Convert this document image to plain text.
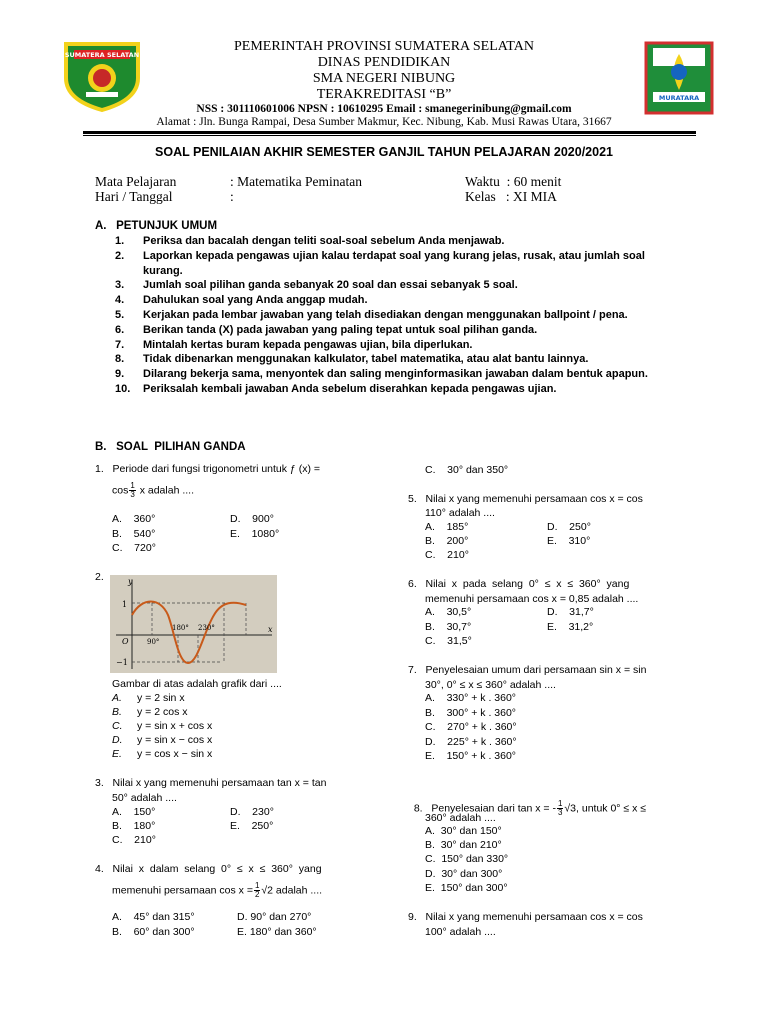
SUMATERA SELATAN
MURATARA
PEMERINTAH PROVINSI SUMATERA SELATAN
DINAS PENDIDIKAN
SMA NEGERI NIBUNG
TERAKREDITASI “B”
NSS : 301110601006 NPSN : 10610295 Email : smanegerinibung@gmail.com
Alamat : Jln. Bunga Rampai, Desa Sumber Makmur, Kec. Nibung, Kab. Musi Rawas Utara, 31667
SOAL PENILAIAN AKHIR SEMESTER GANJIL TAHUN PELAJARAN 2020/2021
Mata Pelajaran	: Matematika Peminatan
Hari / Tanggal	:
Waktu  : 60 menit
Kelas   : XI MIA
A.   PETUNJUK UMUM
1.	Periksa dan bacalah dengan teliti soal-soal sebelum Anda menjawab.
2.	Laporkan kepada pengawas ujian kalau terdapat soal yang kurang jelas, rusak, atau jumlah soal kurang.
3.	Jumlah soal pilihan ganda sebanyak 20 soal dan essai sebanyak 5 soal.
4.	Dahulukan soal yang Anda anggap mudah.
5.	Kerjakan pada lembar jawaban yang telah disediakan dengan menggunakan ballpoint / pena.
6.	Berikan tanda (X) pada jawaban yang paling tepat untuk soal pilihan ganda.
7.	Mintalah kertas buram kepada pengawas ujian, bila diperlukan.
8.	Tidak dibenarkan menggunakan kalkulator, tabel matematika, atau alat bantu lainnya.
9.	Dilarang bekerja sama, menyontek dan saling menginformasikan jawaban dalam bentuk apapun.
10.	Periksalah kembali jawaban Anda sebelum diserahkan kepada pengawas ujian.
B.   SOAL  PILIHAN GANDA
1.   Periode dari fungsi trigonometri untuk ƒ (x) =
$\cos \frac{1}{3}$ x adalah ....
A.    360°
B.    540°
C.    720°
D.    900°
E.    1080°
2.	y
x
1
−1
O	90°
180° 230°
Gambar di atas adalah grafik dari ....
A. y = 2 sin x
B. y = 2 cos x
C. y = sin x + cos x
D. y = sin x − cos x
E. y = cos x − sin x
3.   Nilai x yang memenuhi persamaan tan x = tan
50° adalah ....
A.    150°
B.    180°
C.    210°
D.    230°
E.    250°
4.   Nilai  x  dalam  selang  0°  ≤  x  ≤  360°  yang
memenuhi persamaan $\cos x = \frac{1}{2} √2$ adalah ....
A.    45° dan 315°
B.    60° dan 300°
D. 90° dan 270°
E. 180° dan 360°
C.    30° dan 350°
5.   Nilai x yang memenuhi persamaan cos x = cos
110° adalah ....
A.    185°
B.    200°
C.    210°
D.    250°
E.    310°
6.   Nilai  x  pada  selang  0°  ≤  x  ≤  360°  yang
memenuhi persamaan cos x = 0,85 adalah ....
A.    30,5°
B.    30,7°
C.    31,5°
D.    31,7°
E.    31,2°
7.   Penyelesaian umum dari persamaan sin x = sin
30°, 0° ≤ x ≤ 360° adalah ....
A.    330° + k . 360°
B.    300° + k . 360°
C.    270° + k . 360°
D.    225° + k . 360°
E.    150° + k . 360°

8.   Penyelesaian dari tan x = - $\frac{1}{3} √3$, untuk 0° ≤ x ≤

360° adalah ....
A.  30° dan 150°
B.  30° dan 210°
C.  150° dan 330°
D.  30° dan 300°
E.  150° dan 300°
9.   Nilai x yang memenuhi persamaan cos x = cos
100° adalah ....
